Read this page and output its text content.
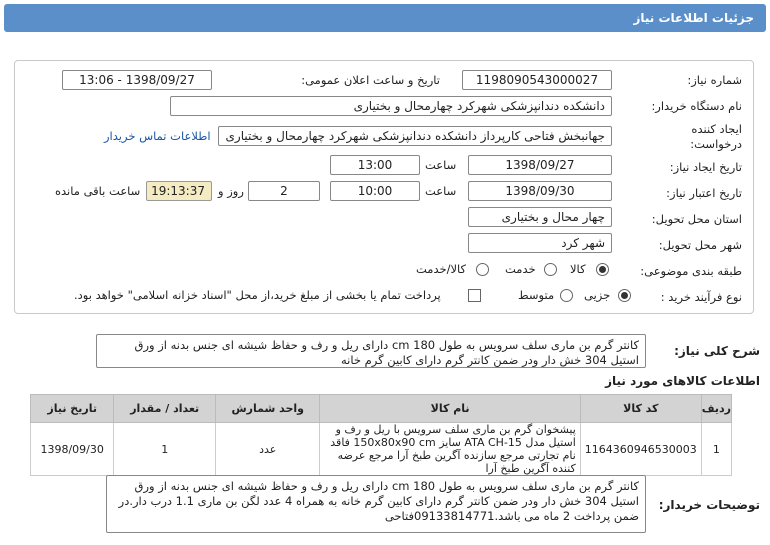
جزئیات اطلاعات نیاز
شماره نیاز:
1198090543000027
تاریخ و ساعت اعلان عمومی:
1398/09/27 - 13:06
نام دستگاه خریدار:
دانشکده دندانپزشکی شهرکرد چهارمحال و بختیاری
ایجاد کننده
درخواست:
جهانبخش فتاحی کارپرداز دانشکده دندانپزشکی شهرکرد چهارمحال و بختیاری
اطلاعات تماس خریدار
تاریخ ایجاد نیاز:
1398/09/27
ساعت
13:00
تاریخ اعتبار نیاز:
1398/09/30
ساعت
10:00
2
روز و
19:13:37
ساعت باقی مانده
استان محل تحویل:
چهار محال و بختیاری
شهر محل تحویل:
شهر کرد
طبقه بندی موضوعی:
کالا
خدمت
کالا/خدمت
نوع فرآیند خرید :
جزیی
متوسط
پرداخت تمام یا بخشی از مبلغ خرید،از محل "اسناد خزانه اسلامی" خواهد بود.
شرح کلی نیاز:
کانتر گرم بن ماری سلف سرویس به طول 180 cm دارای ریل و رف و حفاظ شیشه ای جنس بدنه از ورق استیل 304 خش دار ودر ضمن کانتر گرم دارای کابین گرم خانه
اطلاعات کالاهای مورد نیاز
ردیف	کد کالا	نام کالا	واحد شمارش	تعداد / مقدار	تاریخ نیاز
1	1164360946530003	پیشخوان گرم بن ماری سلف سرویس با ریل و رف و استیل مدل ATA CH-15 سایز 150x80x90 cm فاقد نام تجارتی مرجع سازنده آگرین طبخ آرا مرجع عرضه کننده آگرین طبخ آرا	عدد	1	1398/09/30
توضیحات خریدار:
کانتر گرم بن ماری سلف سرویس به طول 180 cm دارای ریل و رف و حفاظ شیشه ای جنس بدنه از ورق استیل 304 خش دار ودر ضمن کانتر گرم دارای کابین گرم خانه به همراه 4 عدد لگن بن ماری 1.1 درب دار.در ضمن پرداخت 2 ماه می باشد.09133814771فتاحی
